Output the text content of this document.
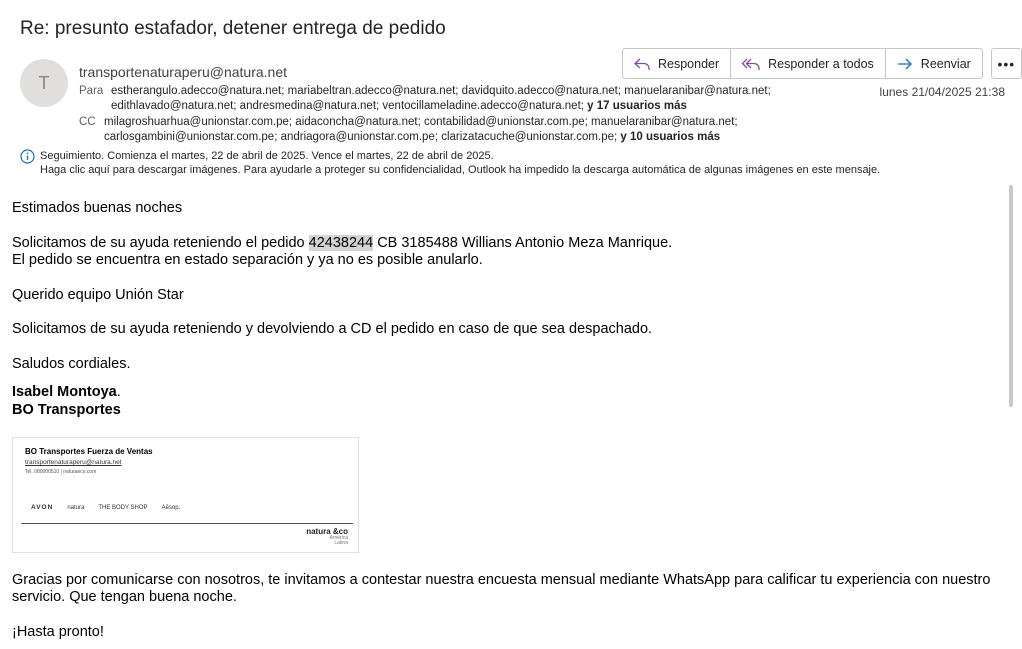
Re: presunto estafador, detener entrega de pedido
T
transportenaturaperu@natura.net
Responder	Responder a todos	Reenviar	•••
lunes 21/04/2025 21:38
Para estherangulo.adecco@natura.net; mariabeltran.adecco@natura.net; davidquito.adecco@natura.net; manuelaranibar@natura.net;
edithlavado@natura.net; andresmedina@natura.net; ventocillameladine.adecco@natura.net; y 17 usuarios más
CC milagroshuarhua@unionstar.com.pe; aidaconcha@natura.net; contabilidad@unionstar.com.pe; manuelaranibar@natura.net;
carlosgambini@unionstar.com.pe; andriagora@unionstar.com.pe; clarizatacuche@unionstar.com.pe; y 10 usuarios más
Seguimiento. Comienza el martes, 22 de abril de 2025. Vence el martes, 22 de abril de 2025.
Haga clic aquí para descargar imágenes. Para ayudarle a proteger su confidencialidad, Outlook ha impedido la descarga automática de algunas imágenes en este mensaje.
Estimados buenas noches
Solicitamos de su ayuda reteniendo el pedido 42438244 CB 3185488 Willians Antonio Meza Manrique.
El pedido se encuentra en estado separación y ya no es posible anularlo.
Querido equipo Unión Star
Solicitamos de su ayuda reteniendo y devolviendo a CD el pedido en caso de que sea despachado.
Saludos cordiales.
Isabel Montoya.
BO Transportes
BO Transportes Fuerza de Ventas
transportenaturaperu@natura.net
Tel. 080000510 | naturaeco.com
AVON natura THE BODY SHOP Aēsop.
natura &co
América
Latina
Gracias por comunicarse con nosotros, te invitamos a contestar nuestra encuesta mensual mediante WhatsApp para calificar tu experiencia con nuestro
servicio. Que tengan buena noche.
¡Hasta pronto!
